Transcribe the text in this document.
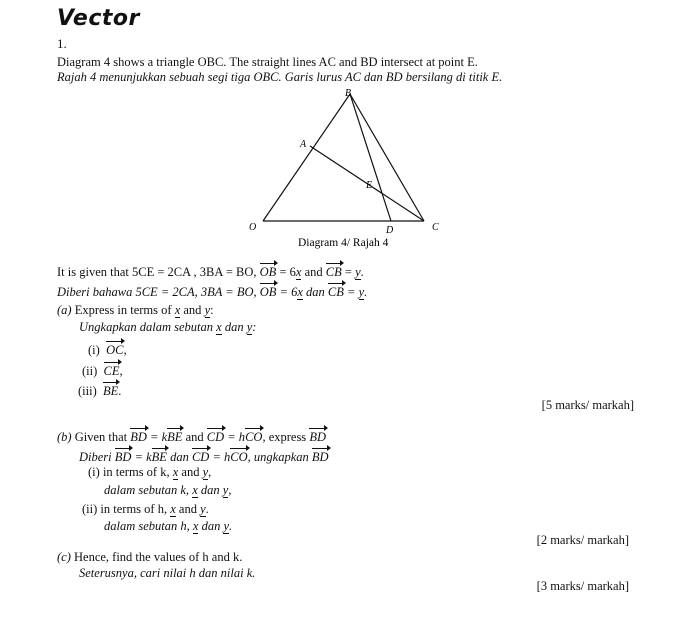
Vector
1.
Diagram 4 shows a triangle OBC. The straight lines AC and BD intersect at point E.
Rajah 4 menunjukkan sebuah segi tiga OBC. Garis lurus AC dan BD bersilang di titik E.
B
A
E
O	D	C
Diagram 4/ Rajah 4
It is given that 5CE = 2CA , 3BA = BO, OB = 6x and CB = y.
Diberi bahawa 5CE = 2CA, 3BA = BO, OB = 6x dan CB = y.
(a) Express in terms of x and y:
Ungkapkan dalam sebutan x dan y:
(i) OC,
(ii) CE,
(iii) BE.
[5 marks/ markah]
(b) Given that BD = kBE and CD = hCO, express BD
Diberi BD = kBE dan CD = hCO, ungkapkan BD
(i) in terms of k, x and y,
dalam sebutan k, x dan y,
(ii) in terms of h, x and y.
dalam sebutan h, x dan y.
[2 marks/ markah]
(c) Hence, find the values of h and k.
Seterusnya, cari nilai h dan nilai k.
[3 marks/ markah]
